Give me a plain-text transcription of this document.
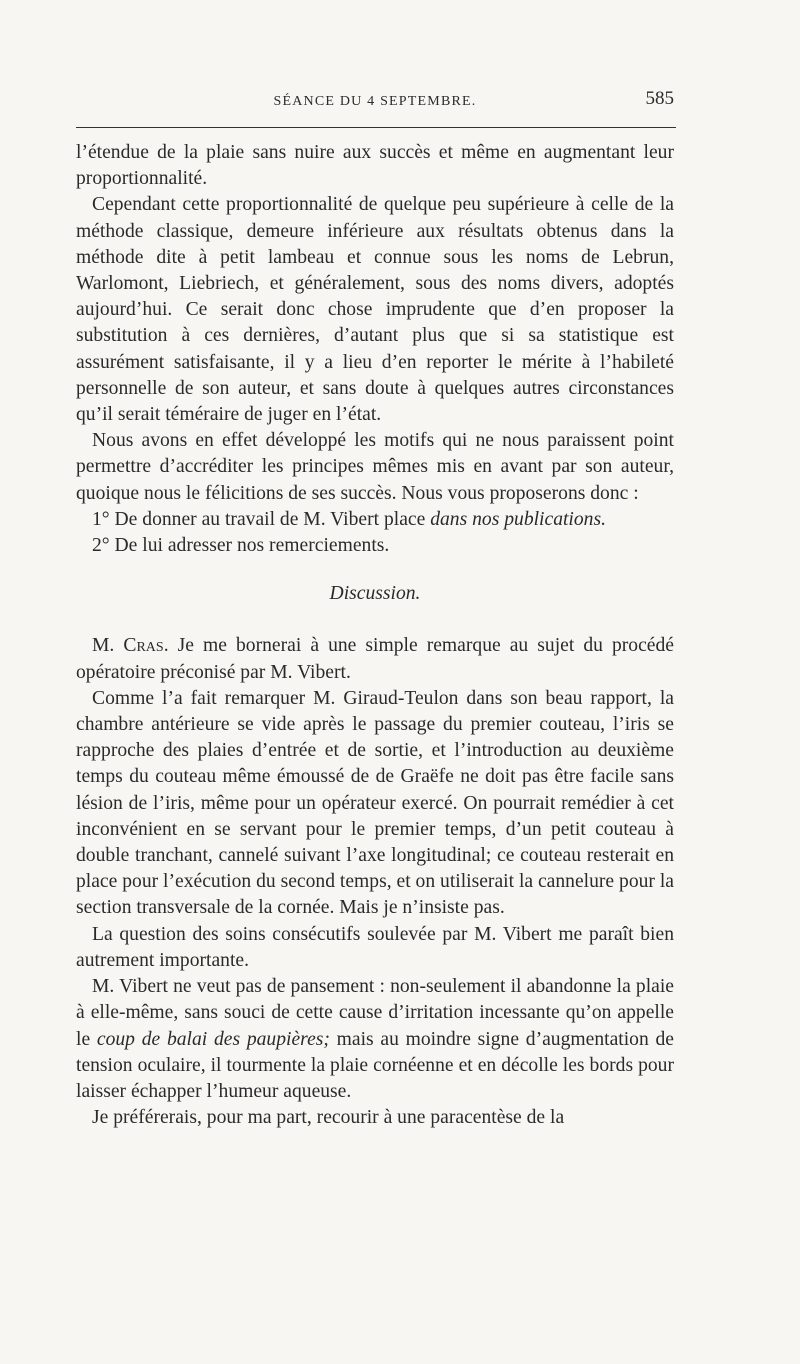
SÉANCE DU 4 SEPTEMBRE.	585

l’étendue de la plaie sans nuire aux succès et même en augmentant leur proportionnalité.

Cependant cette proportionnalité de quelque peu supérieure à celle de la méthode classique, demeure inférieure aux résultats obtenus dans la méthode dite à petit lambeau et connue sous les noms de Lebrun, Warlomont, Liebriech, et généralement, sous des noms divers, adoptés aujourd’hui. Ce serait donc chose imprudente que d’en proposer la substitution à ces dernières, d’autant plus que si sa statistique est assurément satisfaisante, il y a lieu d’en reporter le mérite à l’habileté personnelle de son auteur, et sans doute à quelques autres circonstances qu’il serait téméraire de juger en l’état.

Nous avons en effet développé les motifs qui ne nous paraissent point permettre d’accréditer les principes mêmes mis en avant par son auteur, quoique nous le félicitions de ses succès. Nous vous proposerons donc :

1° De donner au travail de M. Vibert place dans nos publications.

2° De lui adresser nos remerciements.

Discussion.

M. Cras. Je me bornerai à une simple remarque au sujet du procédé opératoire préconisé par M. Vibert.

Comme l’a fait remarquer M. Giraud-Teulon dans son beau rapport, la chambre antérieure se vide après le passage du premier couteau, l’iris se rapproche des plaies d’entrée et de sortie, et l’introduction au deuxième temps du couteau même émoussé de de Graëfe ne doit pas être facile sans lésion de l’iris, même pour un opérateur exercé. On pourrait remédier à cet inconvénient en se servant pour le premier temps, d’un petit couteau à double tranchant, cannelé suivant l’axe longitudinal; ce couteau resterait en place pour l’exécution du second temps, et on utiliserait la cannelure pour la section transversale de la cornée. Mais je n’insiste pas.

La question des soins consécutifs soulevée par M. Vibert me paraît bien autrement importante.

M. Vibert ne veut pas de pansement : non-seulement il abandonne la plaie à elle-même, sans souci de cette cause d’irritation incessante qu’on appelle le coup de balai des paupières; mais au moindre signe d’augmentation de tension oculaire, il tourmente la plaie cornéenne et en décolle les bords pour laisser échapper l’humeur aqueuse.

Je préférerais, pour ma part, recourir à une paracentèse de la
